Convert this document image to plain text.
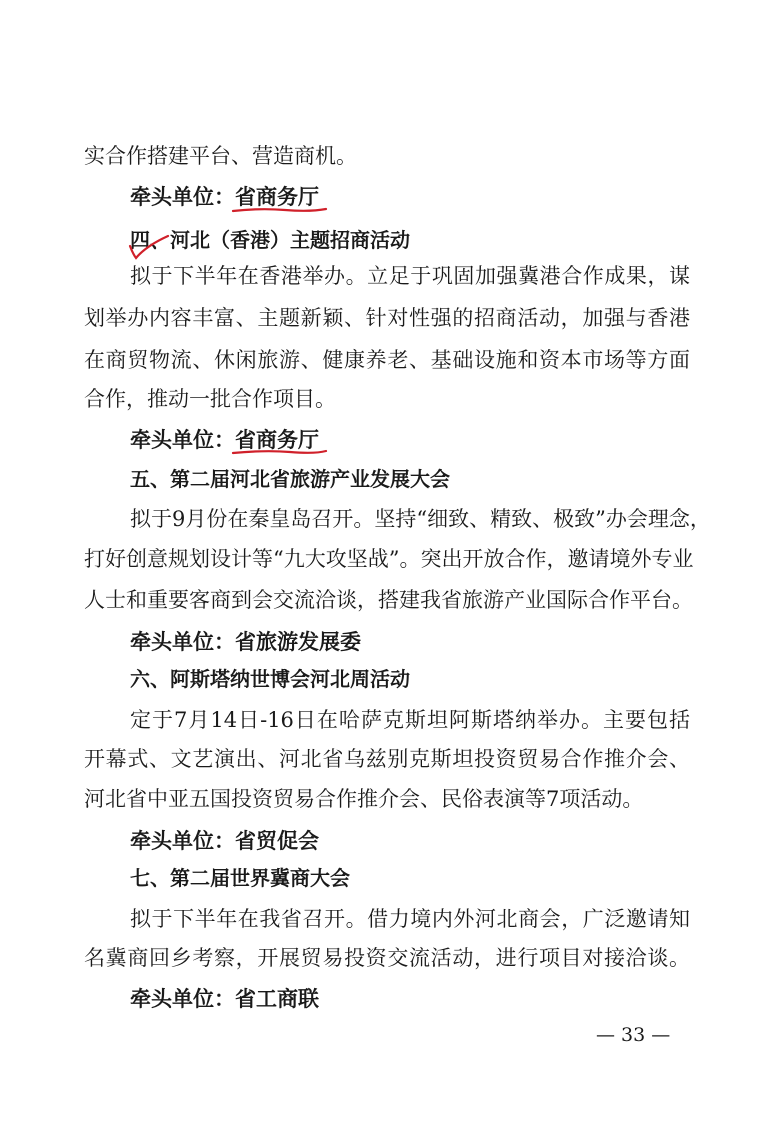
实合作搭建平台、营造商机。
牵头单位：省商务厅
四、河北（香港）主题招商活动
拟于下半年在香港举办。立足于巩固加强冀港合作成果，谋
划举办内容丰富、主题新颖、针对性强的招商活动，加强与香港
在商贸物流、休闲旅游、健康养老、基础设施和资本市场等方面
合作，推动一批合作项目。
牵头单位：省商务厅
五、第二届河北省旅游产业发展大会
拟于9月份在秦皇岛召开。坚持“细致、精致、极致”办会理念，
打好创意规划设计等“九大攻坚战”。突出开放合作，邀请境外专业
人士和重要客商到会交流洽谈，搭建我省旅游产业国际合作平台。
牵头单位：省旅游发展委
六、阿斯塔纳世博会河北周活动
定于7月14日-16日在哈萨克斯坦阿斯塔纳举办。主要包括
开幕式、文艺演出、河北省乌兹别克斯坦投资贸易合作推介会、
河北省中亚五国投资贸易合作推介会、民俗表演等7项活动。
牵头单位：省贸促会
七、第二届世界冀商大会
拟于下半年在我省召开。借力境内外河北商会，广泛邀请知
名冀商回乡考察，开展贸易投资交流活动，进行项目对接洽谈。
牵头单位：省工商联
— 33 —
